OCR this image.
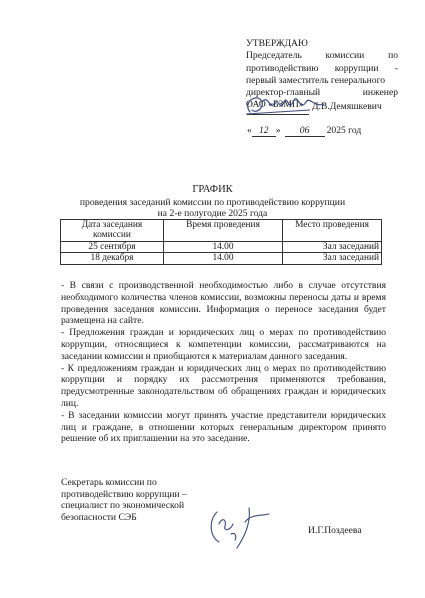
УТВЕРЖДАЮ
Председатель комиссии по
противодействию коррупции -
первый заместитель генерального
директор-главный	инженер
ОАО «БЗМП» Д.В.Демяшкевич
« 12 » 06 2025 год
ГРАФИК
проведения заседаний комиссии по противодействию коррупции
на 2-е полугодие 2025 года
Дата заседания комиссии	Время проведения	Место проведения
25 сентября	14.00	Зал заседаний
18 декабря	14.00	Зал заседаний

- В связи с производственной необходимостью либо в случае отсутствия необходимого количества членов комиссии, возможны переносы даты и время проведения заседания комиссии. Информация о переносе заседания будет размещена на сайте.

- Предложения граждан и юридических лиц о мерах по противодействию коррупции, относящиеся к компетенции комиссии, рассматриваются на заседании комиссии и приобщаются к материалам данного заседания.

- К предложениям граждан и юридических лиц о мерах по противодействию коррупции и порядку их рассмотрения применяются требования, предусмотренные законодательством об обращениях граждан и юридических лиц.

- В заседании комиссии могут принять участие представители юридических лиц и граждане, в отношении которых генеральным директором принято решение об их приглашении на это заседание.

Секретарь комиссии по
противодействию коррупции –
специалист по экономической
безопасности СЭБ
И.Г.Поздеева
